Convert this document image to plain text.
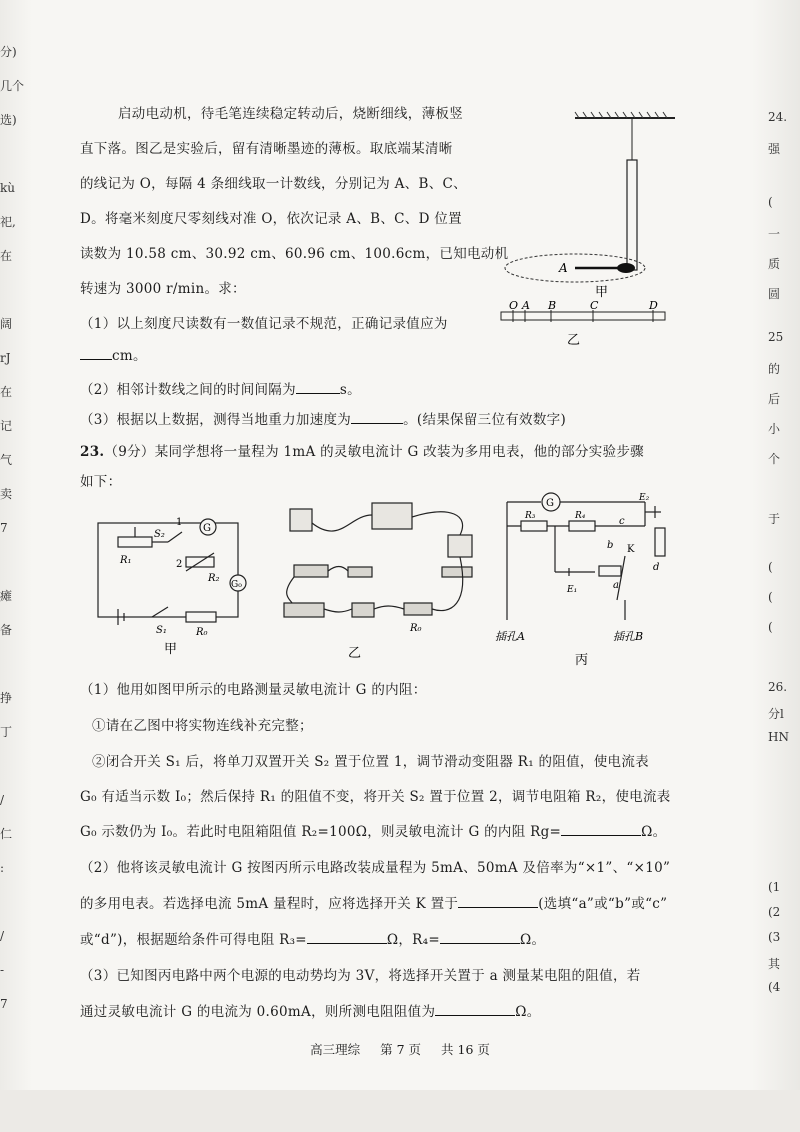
分)
几个
选)
kù
祀,
在
阔
rJ
在
记
气
卖
7
瘫
备
挣
丁
/
仁
:
/
-
7
24.
强
(
一
质
圆
25
的
后
小
个
于
(
(
(
26.
分l
HN
(1
(2
(3
其
(4
启动电动机，待毛笔连续稳定转动后，烧断细线，薄板竖
直下落。图乙是实验后，留有清晰墨迹的薄板。取底端某清晰
的线记为 O，每隔 4 条细线取一计数线，分别记为 A、B、C、
D。将毫米刻度尺零刻线对准 O，依次记录 A、B、C、D 位置
读数为 10.58 cm、30.92 cm、60.96 cm、100.6cm，已知电动机
转速为 3000 r/min。求：
（1）以上刻度尺读数有一数值记录不规范，正确记录值应为
cm。
（2）相邻计数线之间的时间间隔为	s。
（3）根据以上数据，测得当地重力加速度为	。(结果保留三位有效数字)
A
甲
O A B	C	D
乙
23.（9分）某同学想将一量程为 1mA 的灵敏电流计 G 改装为多用电表，他的部分实验步骤
如下：
G
G₀
1
2
S₂
R₁
R₂
S₁	R₀
甲
R₀
乙
G
R₃	R₄	c
b K
E₂
d
E₁	a
插孔A	插孔B
丙
（1）他用如图甲所示的电路测量灵敏电流计 G 的内阻：
①请在乙图中将实物连线补充完整；
②闭合开关 S₁ 后，将单刀双置开关 S₂ 置于位置 1，调节滑动变阻器 R₁ 的阻值，使电流表
G₀ 有适当示数 I₀；然后保持 R₁ 的阻值不变，将开关 S₂ 置于位置 2，调节电阻箱 R₂，使电流表
G₀ 示数仍为 I₀。若此时电阻箱阻值 R₂=100Ω，则灵敏电流计 G 的内阻 Rg=	Ω。
（2）他将该灵敏电流计 G 按图丙所示电路改装成量程为 5mA、50mA 及倍率为“×1”、“×10”
的多用电表。若选择电流 5mA 量程时，应将选择开关 K 置于	(选填“a”或“b”或“c”
或“d”)，根据题给条件可得电阻 R₃=	Ω，R₄=	Ω。
（3）已知图丙电路中两个电源的电动势均为 3V，将选择开关置于 a 测量某电阻的阻值，若
通过灵敏电流计 G 的电流为 0.60mA，则所测电阻阻值为	Ω。
高三理综 第 7 页 共 16 页
